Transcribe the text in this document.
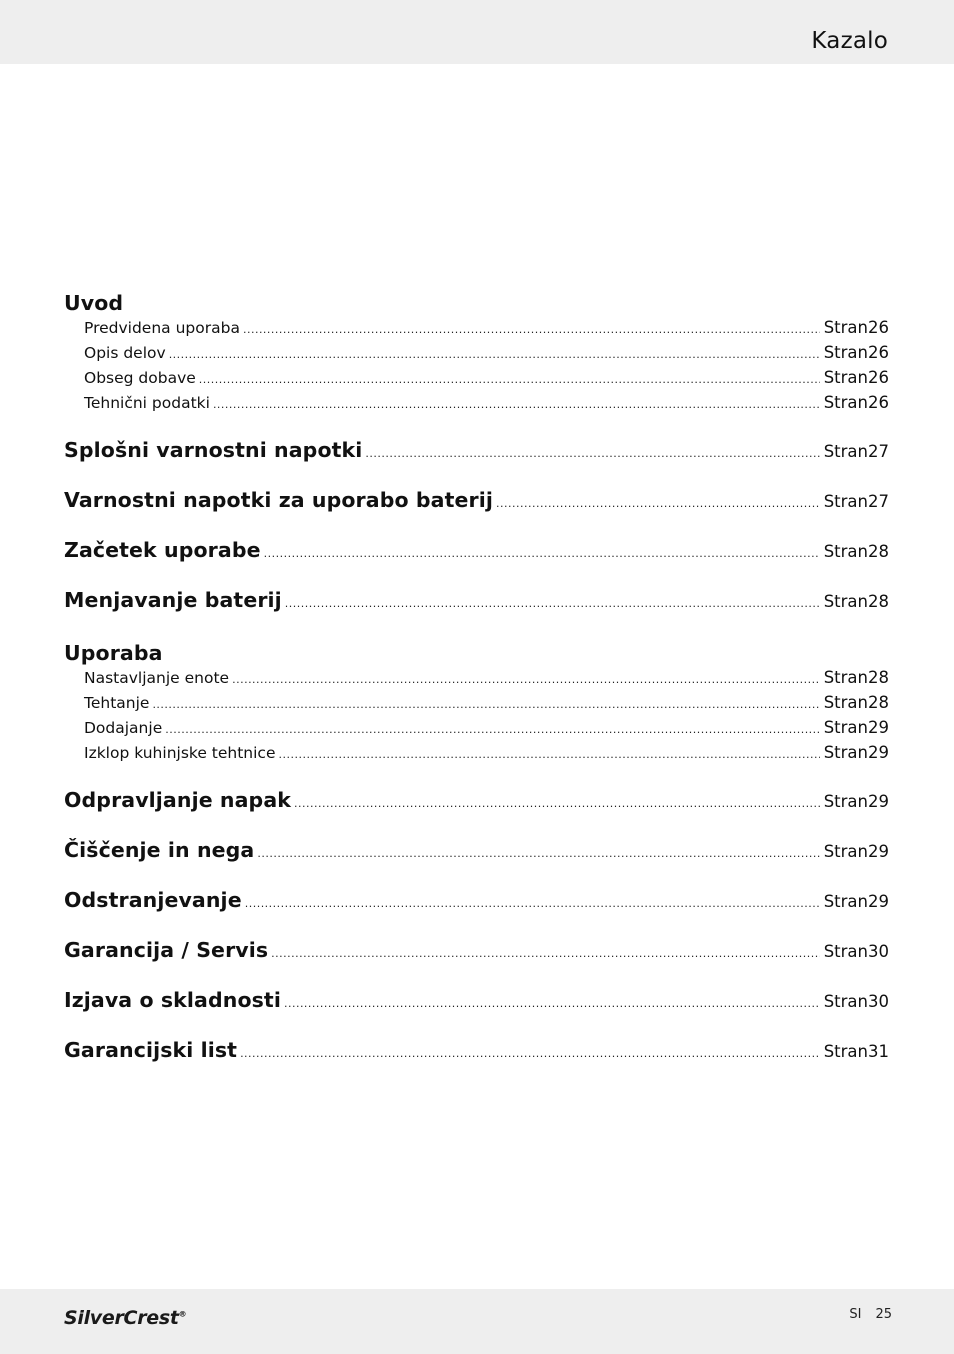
Kazalo
Uvod
Predvidena uporaba .....	Stran 26
Opis delov .....	Stran 26
Obseg dobave .....	Stran 26
Tehnični podatki .....	Stran 26
Splošni varnostni napotki .....	Stran 27
Varnostni napotki za uporabo baterij .....	Stran 27
Začetek uporabe .....	Stran 28
Menjavanje baterij .....	Stran 28
Uporaba
Nastavljanje enote .....	Stran 28
Tehtanje .....	Stran 28
Dodajanje .....	Stran 29
Izklop kuhinjske tehtnice .....	Stran 29
Odpravljanje napak .....	Stran 29
Čiščenje in nega .....	Stran 29
Odstranjevanje .....	Stran 29
Garancija / Servis .....	Stran 30
Izjava o skladnosti .....	Stran 30
Garancijski list .....	Stran 31
SilverCrest®	SI 25
